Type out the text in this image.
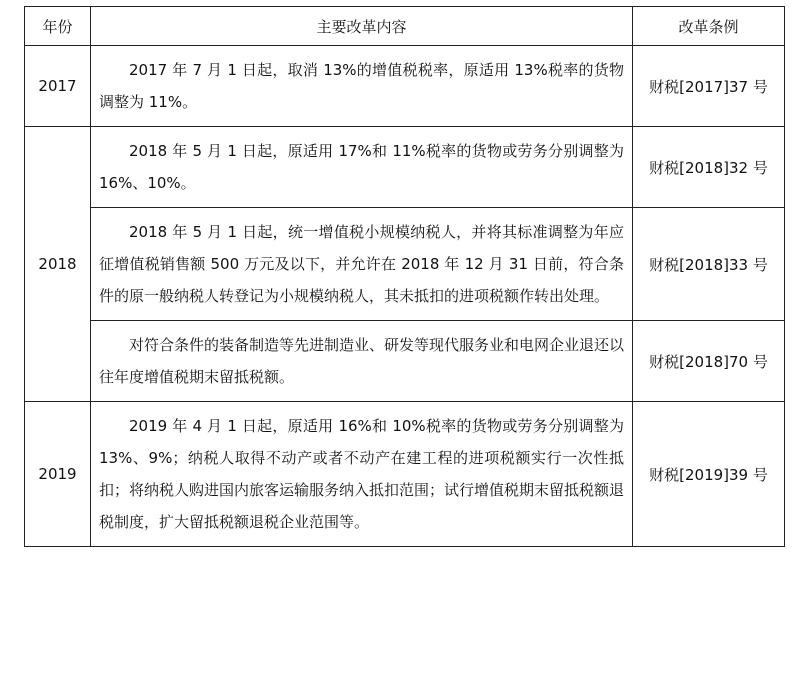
年份	主要改革内容	改革条例
2017	2017 年 7 月 1 日起，取消 13%的增值税税率，原适用 13%税率的货物调整为 11%。	财税[2017]37 号
2018	2018 年 5 月 1 日起，原适用 17%和 11%税率的货物或劳务分别调整为 16%、10%。	财税[2018]32 号
	2018 年 5 月 1 日起，统一增值税小规模纳税人，并将其标准调整为年应征增值税销售额 500 万元及以下，并允许在 2018 年 12 月 31 日前，符合条件的原一般纳税人转登记为小规模纳税人，其未抵扣的进项税额作转出处理。	财税[2018]33 号
	对符合条件的装备制造等先进制造业、研发等现代服务业和电网企业退还以往年度增值税期末留抵税额。	财税[2018]70 号
2019	2019 年 4 月 1 日起，原适用 16%和 10%税率的货物或劳务分别调整为 13%、9%；纳税人取得不动产或者不动产在建工程的进项税额实行一次性抵扣；将纳税人购进国内旅客运输服务纳入抵扣范围；试行增值税期末留抵税额退税制度，扩大留抵税额退税企业范围等。	财税[2019]39 号
